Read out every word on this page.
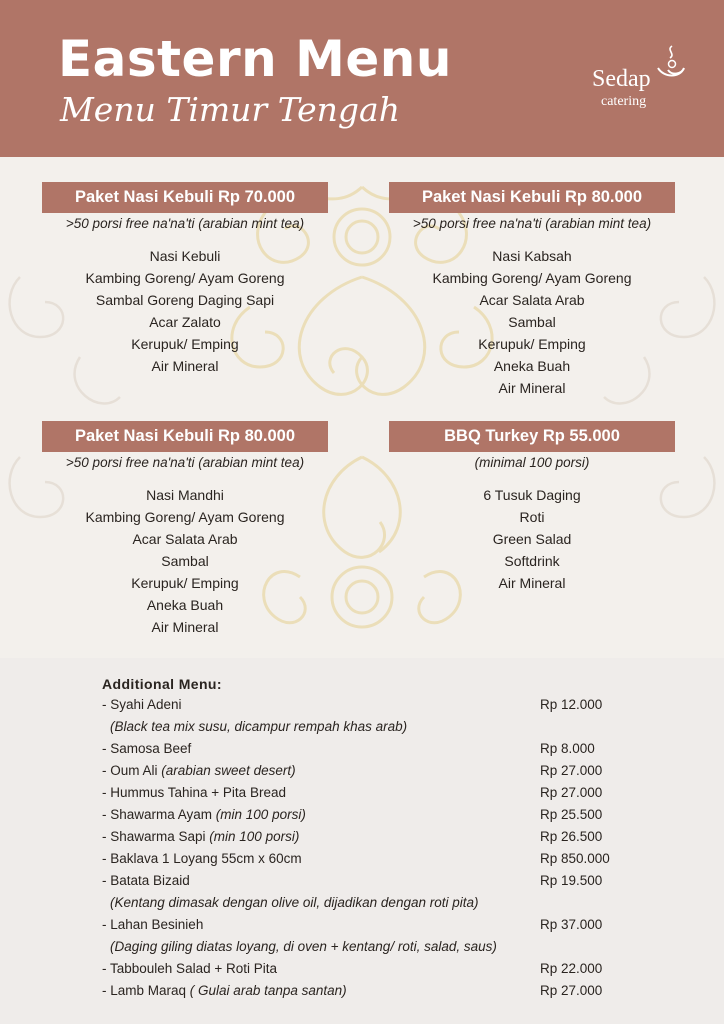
Eastern Menu
Menu Timur Tengah
Sedap
catering
Paket Nasi Kebuli Rp 70.000
>50 porsi free na'na'ti (arabian mint tea)
Nasi Kebuli
Kambing Goreng/ Ayam Goreng
Sambal Goreng Daging Sapi
Acar Zalato
Kerupuk/ Emping
Air Mineral
Paket Nasi Kebuli Rp 80.000
>50 porsi free na'na'ti (arabian mint tea)
Nasi Kabsah
Kambing Goreng/ Ayam Goreng
Acar Salata Arab
Sambal
Kerupuk/ Emping
Aneka Buah
Air Mineral
Paket Nasi Kebuli Rp 80.000
>50 porsi free na'na'ti (arabian mint tea)
Nasi Mandhi
Kambing Goreng/ Ayam Goreng
Acar Salata Arab
Sambal
Kerupuk/ Emping
Aneka Buah
Air Mineral
BBQ Turkey Rp 55.000
(minimal 100 porsi)
6 Tusuk Daging
Roti
Green Salad
Softdrink
Air Mineral
Additional Menu:
- Syahi Adeni	Rp 12.000
(Black tea mix susu, dicampur rempah khas arab)
- Samosa Beef	Rp 8.000
- Oum Ali (arabian sweet desert)	Rp 27.000
- Hummus Tahina + Pita Bread	Rp 27.000
- Shawarma Ayam (min 100 porsi)	Rp 25.500
- Shawarma Sapi (min 100 porsi)	Rp 26.500
- Baklava 1 Loyang 55cm x 60cm	Rp 850.000
- Batata Bizaid	Rp 19.500
(Kentang dimasak dengan olive oil, dijadikan dengan roti pita)
- Lahan Besinieh	Rp 37.000
(Daging giling diatas loyang, di oven + kentang/ roti, salad, saus)
- Tabbouleh Salad + Roti Pita	Rp 22.000
- Lamb Maraq ( Gulai arab tanpa santan)	Rp 27.000
